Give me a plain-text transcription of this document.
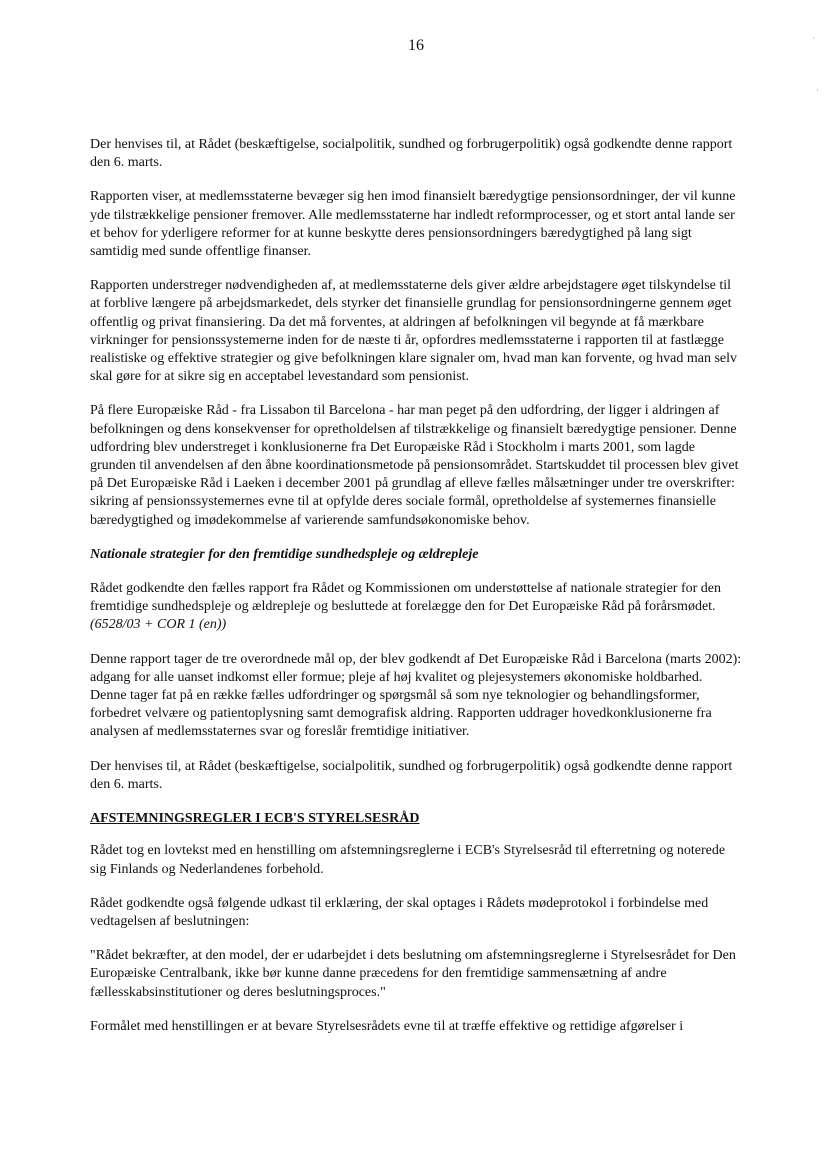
16

Der henvises til, at Rådet (beskæftigelse, socialpolitik, sundhed og forbrugerpolitik) også godkendte denne rapport den 6. marts.

Rapporten viser, at medlemsstaterne bevæger sig hen imod finansielt bæredygtige pensionsordninger, der vil kunne yde tilstrækkelige pensioner fremover. Alle medlemsstaterne har indledt reformprocesser, og et stort antal lande ser et behov for yderligere reformer for at kunne beskytte deres pensionsordningers bæredygtighed på lang sigt samtidig med sunde offentlige finanser.

Rapporten understreger nødvendigheden af, at medlemsstaterne dels giver ældre arbejdstagere øget tilskyndelse til at forblive længere på arbejdsmarkedet, dels styrker det finansielle grundlag for pensionsordningerne gennem øget offentlig og privat finansiering. Da det må forventes, at aldringen af befolkningen vil begynde at få mærkbare virkninger for pensionssystemerne inden for de næste ti år, opfordres medlemsstaterne i rapporten til at fastlægge realistiske og effektive strategier og give befolkningen klare signaler om, hvad man kan forvente, og hvad man selv skal gøre for at sikre sig en acceptabel levestandard som pensionist.

På flere Europæiske Råd - fra Lissabon til Barcelona - har man peget på den udfordring, der ligger i aldringen af befolkningen og dens konsekvenser for opretholdelsen af tilstrækkelige og finansielt bæredygtige pensioner. Denne udfordring blev understreget i konklusionerne fra Det Europæiske Råd i Stockholm i marts 2001, som lagde grunden til anvendelsen af den åbne koordinationsmetode på pensionsområdet. Startskuddet til processen blev givet på Det Europæiske Råd i Laeken i december 2001 på grundlag af elleve fælles målsætninger under tre overskrifter: sikring af pensionssystemernes evne til at opfylde deres sociale formål, opretholdelse af systemernes finansielle bæredygtighed og imødekommelse af varierende samfundsøkonomiske behov.

Nationale strategier for den fremtidige sundhedspleje og ældrepleje

Rådet godkendte den fælles rapport fra Rådet og Kommissionen om understøttelse af nationale strategier for den fremtidige sundhedspleje og ældrepleje og besluttede at forelægge den for Det Europæiske Råd på forårsmødet. (6528/03 + COR 1 (en))

Denne rapport tager de tre overordnede mål op, der blev godkendt af Det Europæiske Råd i Barcelona (marts 2002): adgang for alle uanset indkomst eller formue; pleje af høj kvalitet og plejesystemers økonomiske holdbarhed. Denne tager fat på en række fælles udfordringer og spørgsmål så som nye teknologier og behandlingsformer, forbedret velvære og patientoplysning samt demografisk aldring. Rapporten uddrager hovedkonklusionerne fra analysen af medlemsstaternes svar og foreslår fremtidige initiativer.

Der henvises til, at Rådet (beskæftigelse, socialpolitik, sundhed og forbrugerpolitik) også godkendte denne rapport den 6. marts.

AFSTEMNINGSREGLER I ECB'S STYRELSESRÅD

Rådet tog en lovtekst med en henstilling om afstemningsreglerne i ECB's Styrelsesråd til efterretning og noterede sig Finlands og Nederlandenes forbehold.

Rådet godkendte også følgende udkast til erklæring, der skal optages i Rådets mødeprotokol i forbindelse med vedtagelsen af beslutningen:

"Rådet bekræfter, at den model, der er udarbejdet i dets beslutning om afstemningsreglerne i Styrelsesrådet for Den Europæiske Centralbank, ikke bør kunne danne præcedens for den fremtidige sammensætning af andre fællesskabsinstitutioner og deres beslutningsproces."

Formålet med henstillingen er at bevare Styrelsesrådets evne til at træffe effektive og rettidige afgørelser i

·
·
